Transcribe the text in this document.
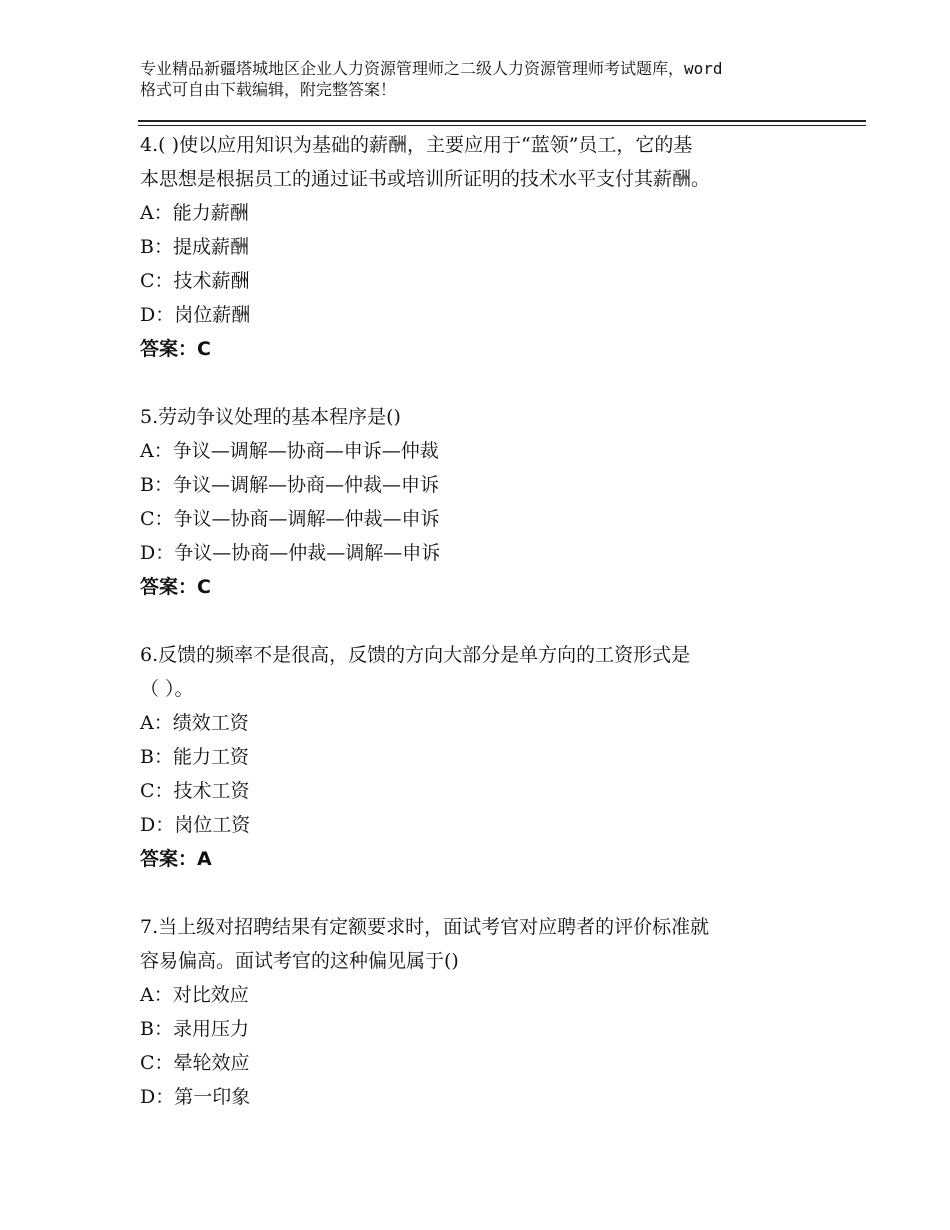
专业精品新疆塔城地区企业人力资源管理师之二级人力资源管理师考试题库，word
格式可自由下载编辑，附完整答案！
4.( )使以应用知识为基础的薪酬，主要应用于“蓝领”员工，它的基
本思想是根据员工的通过证书或培训所证明的技术水平支付其薪酬。
A：能力薪酬
B：提成薪酬
C：技术薪酬
D：岗位薪酬
答案：C
5.劳动争议处理的基本程序是()
A：争议—调解—协商—申诉—仲裁
B：争议—调解—协商—仲裁—申诉
C：争议—协商—调解—仲裁—申诉
D：争议—协商—仲裁—调解—申诉
答案：C
6.反馈的频率不是很高，反馈的方向大部分是单方向的工资形式是
（ ）。
A：绩效工资
B：能力工资
C：技术工资
D：岗位工资
答案：A
7.当上级对招聘结果有定额要求时，面试考官对应聘者的评价标准就
容易偏高。面试考官的这种偏见属于()
A：对比效应
B：录用压力
C：晕轮效应
D：第一印象
